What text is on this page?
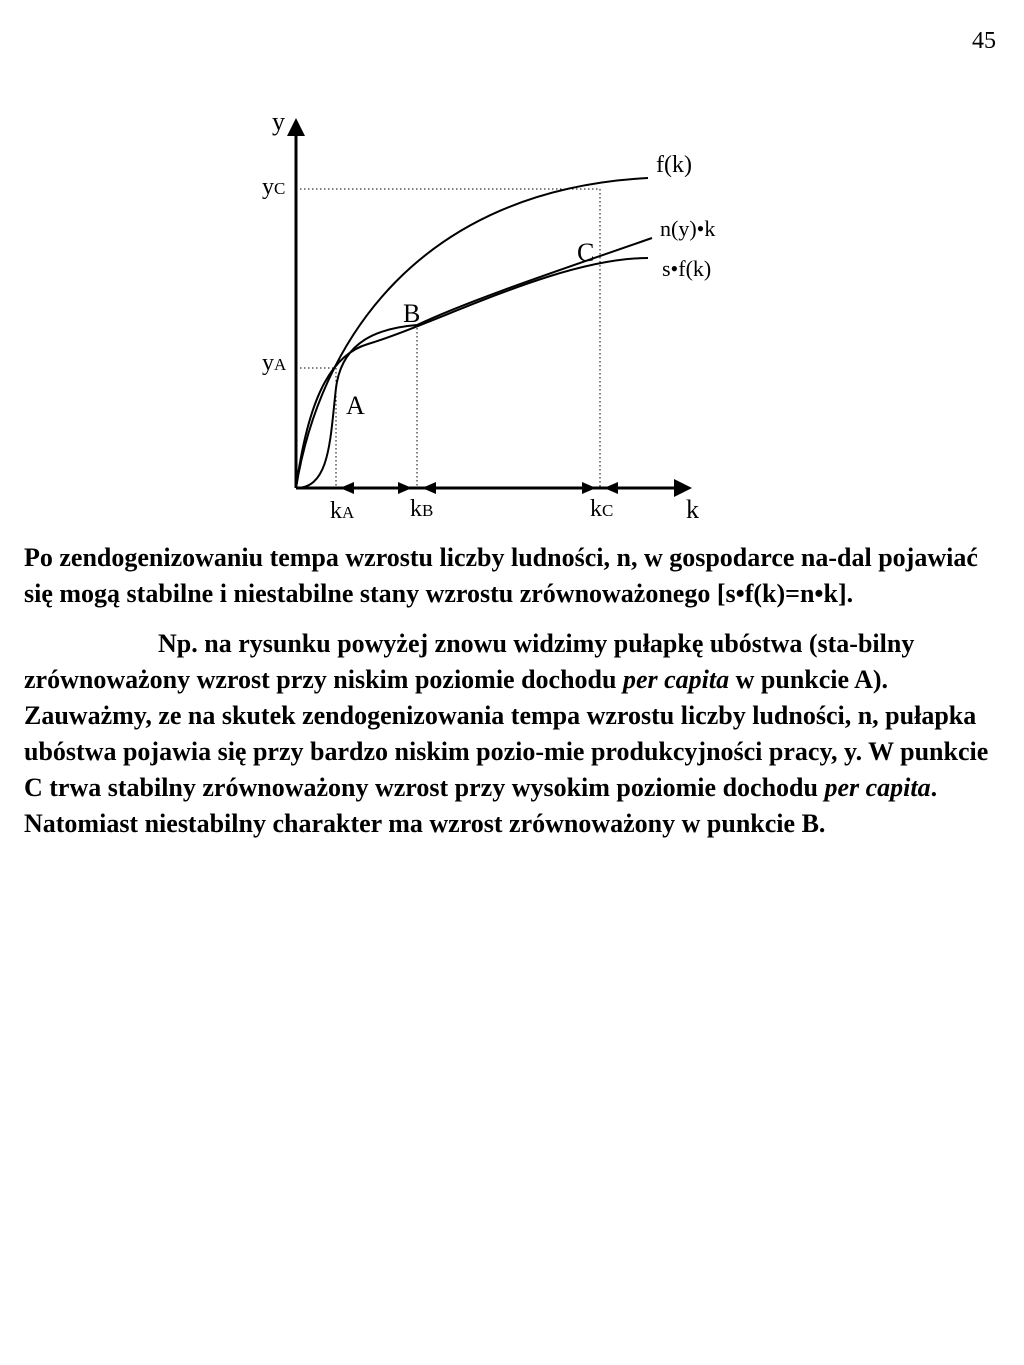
45
y
k
f(k)
n(y)•k
s•f(k)
yC
yA
kA kB	kC
A
B
C

Po zendogenizowaniu tempa wzrostu liczby ludności, n, w gospodarce na-dal pojawiać się mogą stabilne i niestabilne stany wzrostu zrównoważonego [s•f(k)=n•k].

Np. na rysunku powyżej znowu widzimy pułapkę ubóstwa (sta-bilny zrównoważony wzrost przy niskim poziomie dochodu per capita w punkcie A). Zauważmy, ze na skutek zendogenizowania tempa wzrostu liczby ludności, n, pułapka ubóstwa pojawia się przy bardzo niskim pozio-mie produkcyjności pracy, y. W punkcie C trwa stabilny zrównoważony wzrost przy wysokim poziomie dochodu per capita. Natomiast niestabilny charakter ma wzrost zrównoważony w punkcie B.
